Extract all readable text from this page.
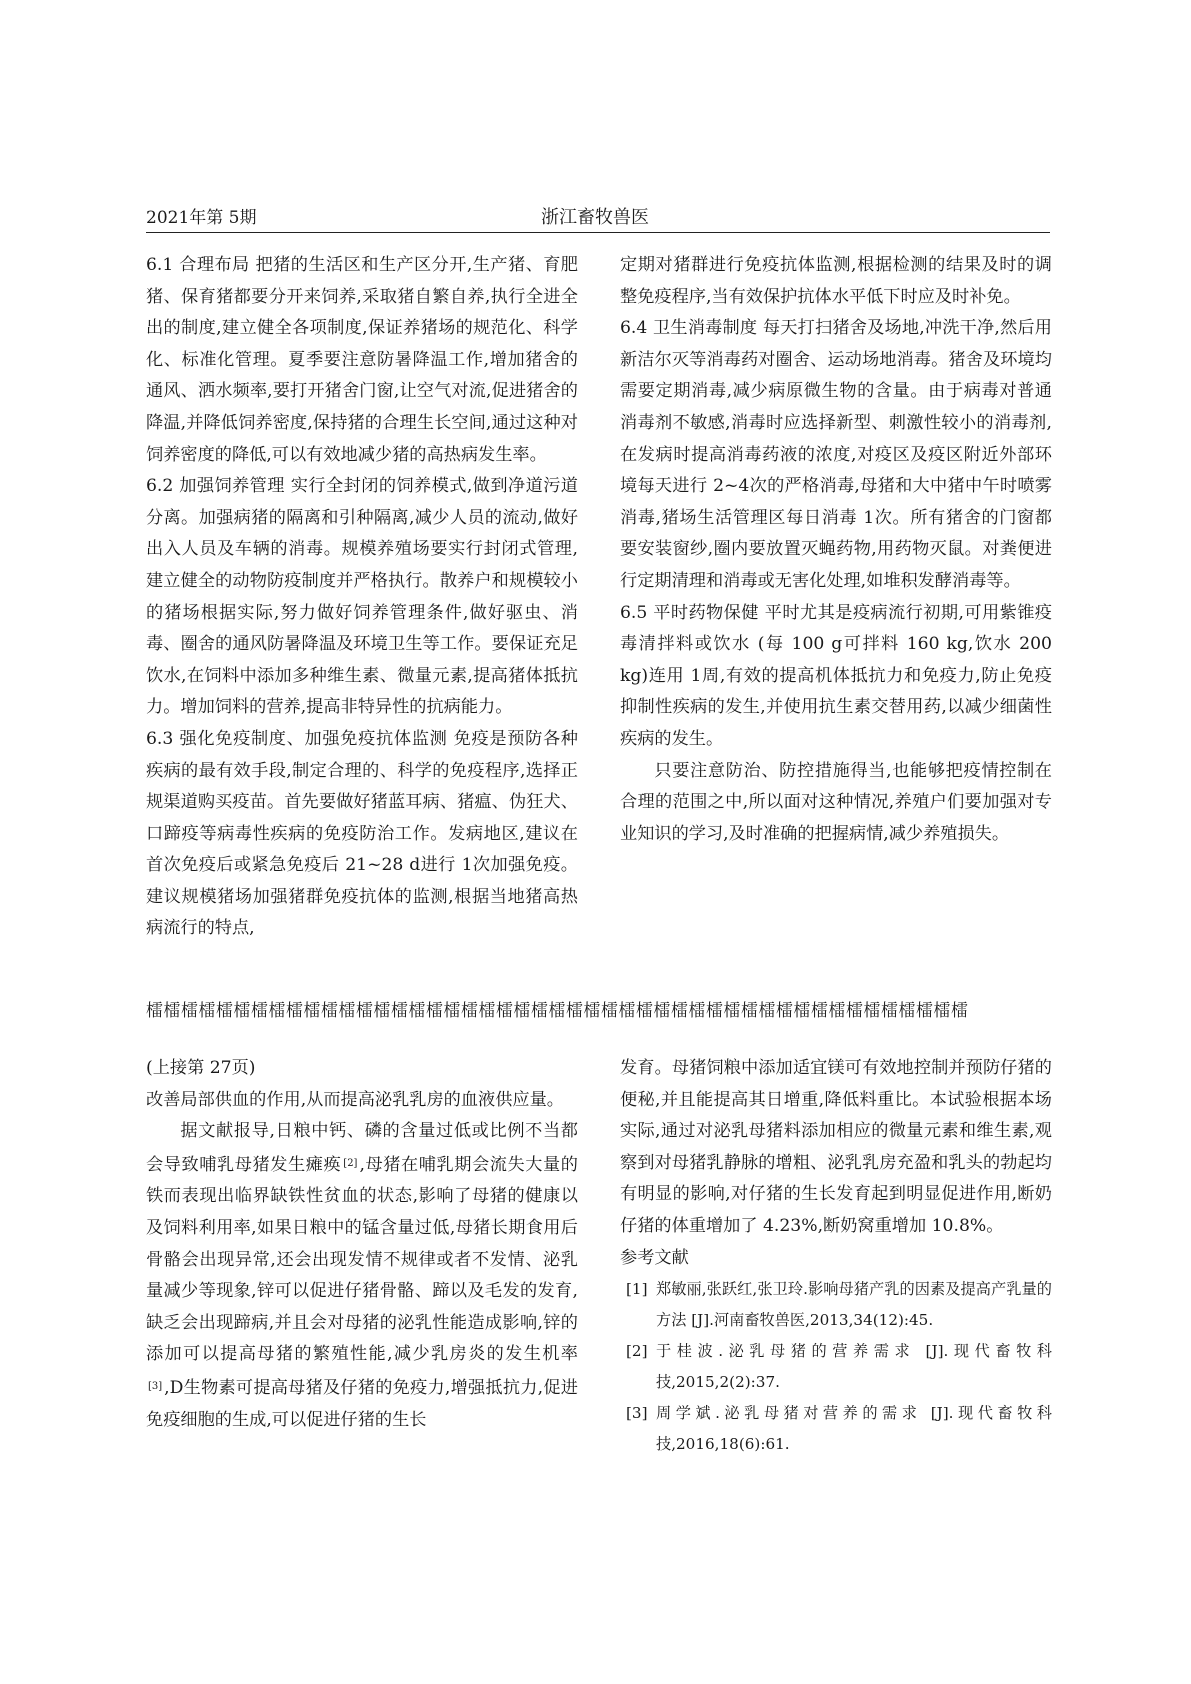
2021年第 5期	浙江畜牧兽医

6.1 合理布局 把猪的生活区和生产区分开,生产猪、育肥猪、保育猪都要分开来饲养,采取猪自繁自养,执行全进全出的制度,建立健全各项制度,保证养猪场的规范化、科学化、标准化管理。夏季要注意防暑降温工作,增加猪舍的通风、洒水频率,要打开猪舍门窗,让空气对流,促进猪舍的降温,并降低饲养密度,保持猪的合理生长空间,通过这种对饲养密度的降低,可以有效地减少猪的高热病发生率。

6.2 加强饲养管理 实行全封闭的饲养模式,做到净道污道分离。加强病猪的隔离和引种隔离,减少人员的流动,做好出入人员及车辆的消毒。规模养殖场要实行封闭式管理,建立健全的动物防疫制度并严格执行。散养户和规模较小的猪场根据实际,努力做好饲养管理条件,做好驱虫、消毒、圈舍的通风防暑降温及环境卫生等工作。要保证充足饮水,在饲料中添加多种维生素、微量元素,提高猪体抵抗力。增加饲料的营养,提高非特异性的抗病能力。

6.3 强化免疫制度、加强免疫抗体监测 免疫是预防各种疾病的最有效手段,制定合理的、科学的免疫程序,选择正规渠道购买疫苗。首先要做好猪蓝耳病、猪瘟、伪狂犬、口蹄疫等病毒性疾病的免疫防治工作。发病地区,建议在首次免疫后或紧急免疫后 21~28 d进行 1次加强免疫。建议规模猪场加强猪群免疫抗体的监测,根据当地猪高热病流行的特点,

定期对猪群进行免疫抗体监测,根据检测的结果及时的调整免疫程序,当有效保护抗体水平低下时应及时补免。

6.4 卫生消毒制度 每天打扫猪舍及场地,冲洗干净,然后用新洁尔灭等消毒药对圈舍、运动场地消毒。猪舍及环境均需要定期消毒,减少病原微生物的含量。由于病毒对普通消毒剂不敏感,消毒时应选择新型、刺激性较小的消毒剂,在发病时提高消毒药液的浓度,对疫区及疫区附近外部环境每天进行 2~4次的严格消毒,母猪和大中猪中午时喷雾消毒,猪场生活管理区每日消毒 1次。所有猪舍的门窗都要安装窗纱,圈内要放置灭蝇药物,用药物灭鼠。对粪便进行定期清理和消毒或无害化处理,如堆积发酵消毒等。

6.5 平时药物保健 平时尤其是疫病流行初期,可用紫锥疫毒清拌料或饮水 (每 100 g可拌料 160 kg,饮水 200 kg)连用 1周,有效的提高机体抵抗力和免疫力,防止免疫抑制性疾病的发生,并使用抗生素交替用药,以减少细菌性疾病的发生。

只要注意防治、防控措施得当,也能够把疫情控制在合理的范围之中,所以面对这种情况,养殖户们要加强对专业知识的学习,及时准确的把握病情,减少养殖损失。

檑檑檑檑檑檑檑檑檑檑檑檑檑檑檑檑檑檑檑檑檑檑檑檑檑檑檑檑檑檑檑檑檑檑檑檑檑檑檑檑檑檑檑檑檑檑檑

(上接第 27页)

改善局部供血的作用,从而提高泌乳乳房的血液供应量。

据文献报导,日粮中钙、磷的含量过低或比例不当都会导致哺乳母猪发生瘫痪 [2] ,母猪在哺乳期会流失大量的铁而表现出临界缺铁性贫血的状态,影响了母猪的健康以及饲料利用率,如果日粮中的锰含量过低,母猪长期食用后骨骼会出现异常,还会出现发情不规律或者不发情、泌乳量减少等现象,锌可以促进仔猪骨骼、蹄以及毛发的发育,缺乏会出现蹄病,并且会对母猪的泌乳性能造成影响,锌的添加可以提高母猪的繁殖性能,减少乳房炎的发生机率[3] ,D生物素可提高母猪及仔猪的免疫力,增强抵抗力,促进免疫细胞的生成,可以促进仔猪的生长

发育。母猪饲粮中添加适宜镁可有效地控制并预防仔猪的便秘,并且能提高其日增重,降低料重比。本试验根据本场实际,通过对泌乳母猪料添加相应的微量元素和维生素,观察到对母猪乳静脉的增粗、泌乳乳房充盈和乳头的勃起均有明显的影响,对仔猪的生长发育起到明显促进作用,断奶仔猪的体重增加了 4.23%,断奶窝重增加 10.8%。

参考文献

[1] 郑敏丽,张跃红,张卫玲.影响母猪产乳的因素及提高产乳量的方法 [J].河南畜牧兽医,2013,34(12):45.
[2] 于桂波.泌乳母猪的营养需求 [J].现代畜牧科技,2015,2(2):37.
[3] 周学斌.泌乳母猪对营养的需求 [J].现代畜牧科技,2016,18(6):61.
